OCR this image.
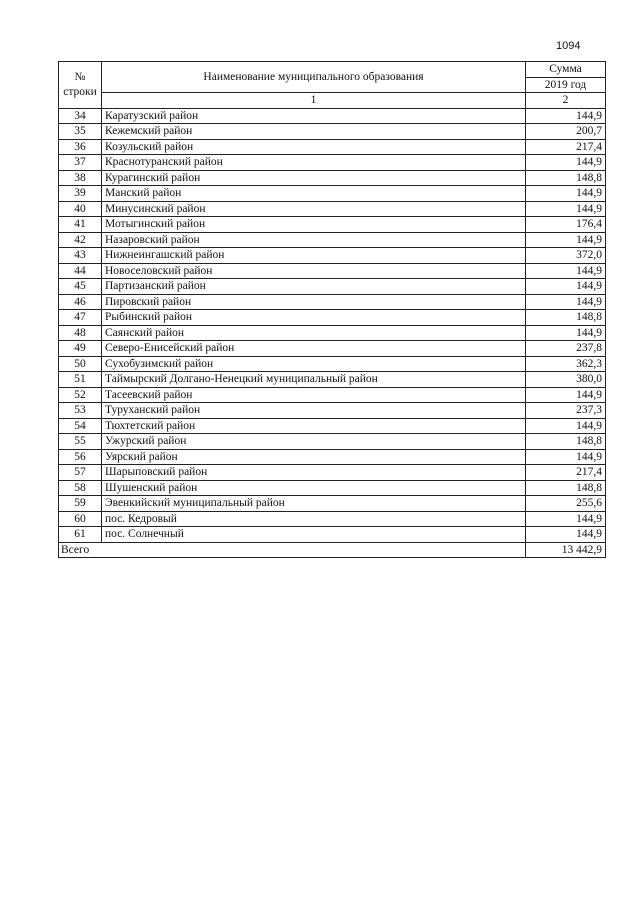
1094
№
строки	Наименование муниципального образования	Сумма
		2019 год
	1	2
34	Каратузский район	144,9
35	Кежемский район	200,7
36	Козульский район	217,4
37	Краснотуранский район	144,9
38	Курагинский район	148,8
39	Манский район	144,9
40	Минусинский район	144,9
41	Мотыгинский район	176,4
42	Назаровский район	144,9
43	Нижнеингашский район	372,0
44	Новоселовский район	144,9
45	Партизанский район	144,9
46	Пировский район	144,9
47	Рыбинский район	148,8
48	Саянский район	144,9
49	Северо-Енисейский район	237,8
50	Сухобузимский район	362,3
51	Таймырский Долгано-Ненецкий муниципальный район	380,0
52	Тасеевский район	144,9
53	Туруханский район	237,3
54	Тюхтетский район	144,9
55	Ужурский район	148,8
56	Уярский район	144,9
57	Шарыповский район	217,4
58	Шушенский район	148,8
59	Эвенкийский муниципальный район	255,6
60	пос. Кедровый	144,9
61	пос. Солнечный	144,9
Всего		13 442,9
